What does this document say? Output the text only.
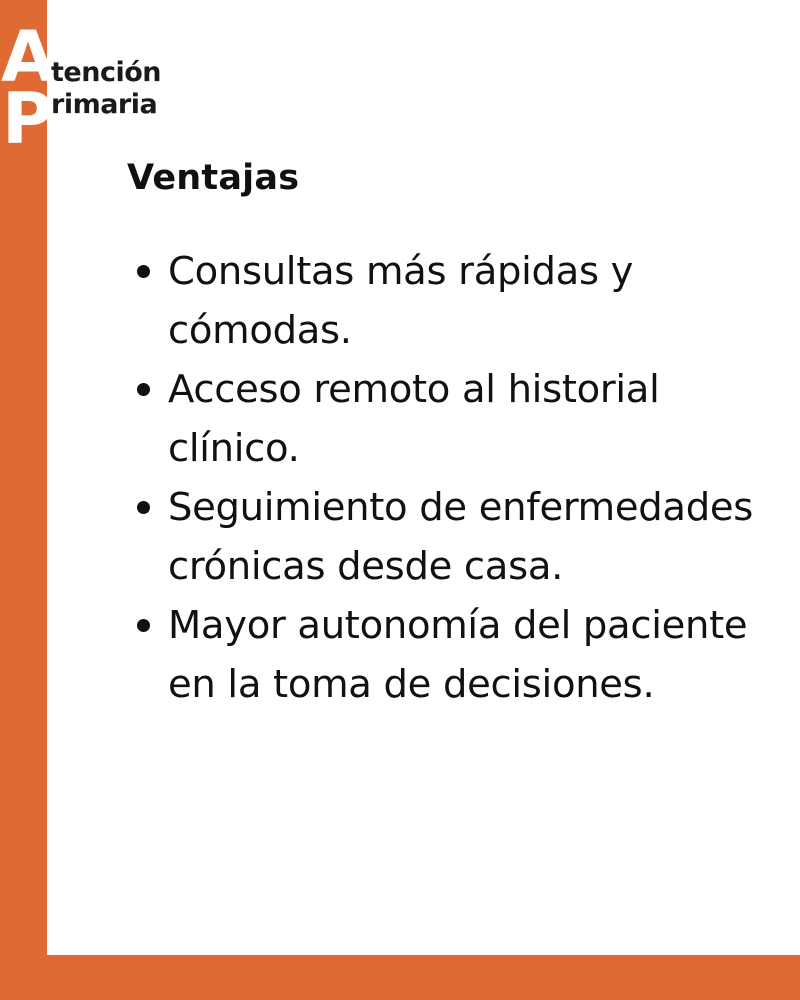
A
P
tención
rimaria
Ventajas
Consultas más rápidas y cómodas.
Acceso remoto al historial clínico.
Seguimiento de enfermedades crónicas desde casa.
Mayor autonomía del paciente en la toma de decisiones.
